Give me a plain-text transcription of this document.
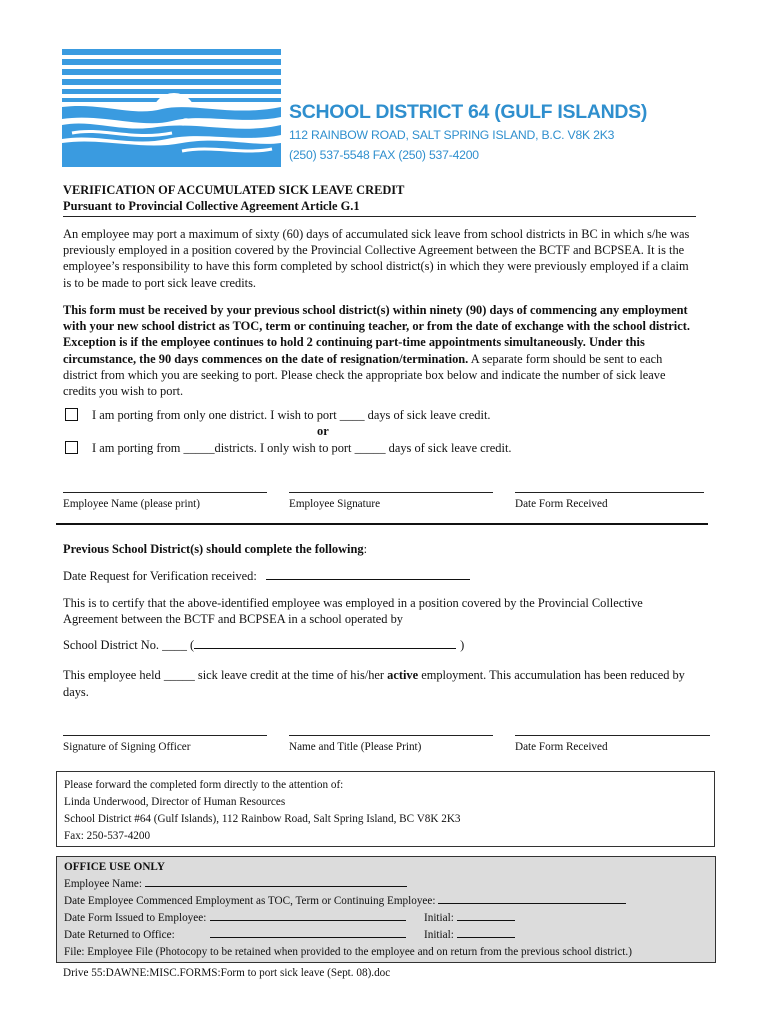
SCHOOL DISTRICT 64 (GULF ISLANDS)
112 RAINBOW ROAD, SALT SPRING ISLAND, B.C. V8K 2K3
(250) 537-5548 FAX (250) 537-4200
VERIFICATION OF ACCUMULATED SICK LEAVE CREDIT
Pursuant to Provincial Collective Agreement Article G.1
An employee may port a maximum of sixty (60) days of accumulated sick leave from school districts in BC in which s/he was
previously employed in a position covered by the Provincial Collective Agreement between the BCTF and BCPSEA. It is the
employee’s responsibility to have this form completed by school district(s) in which they were previously employed if a claim
is to be made to port sick leave credits.
This form must be received by your previous school district(s) within ninety (90) days of commencing any employment
with your new school district as TOC, term or continuing teacher, or from the date of exchange with the school district.
Exception is if the employee continues to hold 2 continuing part-time appointments simultaneously. Under this
circumstance, the 90 days commences on the date of resignation/termination. A separate form should be sent to each
district from which you are seeking to port. Please check the appropriate box below and indicate the number of sick leave
credits you wish to port.
I am porting from only one district. I wish to port ____ days of sick leave credit.
or
I am porting from _____districts. I only wish to port _____ days of sick leave credit.
Employee Name (please print)	Employee Signature	Date Form Received
Previous School District(s) should complete the following:
Date Request for Verification received:
This is to certify that the above-identified employee was employed in a position covered by the Provincial Collective
Agreement between the BCTF and BCPSEA in a school operated by
School District No. ____ (	)
This employee held _____ sick leave credit at the time of his/her active employment. This accumulation has been reduced by
days.
Signature of Signing Officer	Name and Title (Please Print)	Date Form Received
Please forward the completed form directly to the attention of:
Linda Underwood, Director of Human Resources
School District #64 (Gulf Islands), 112 Rainbow Road, Salt Spring Island, BC V8K 2K3
Fax: 250-537-4200
OFFICE USE ONLY
Employee Name:
Date Employee Commenced Employment as TOC, Term or Continuing Employee:
Date Form Issued to Employee:	Initial:
Date Returned to Office:	Initial:
File: Employee File (Photocopy to be retained when provided to the employee and on return from the previous school district.)
Drive 55:DAWNE:MISC.FORMS:Form to port sick leave (Sept. 08).doc
